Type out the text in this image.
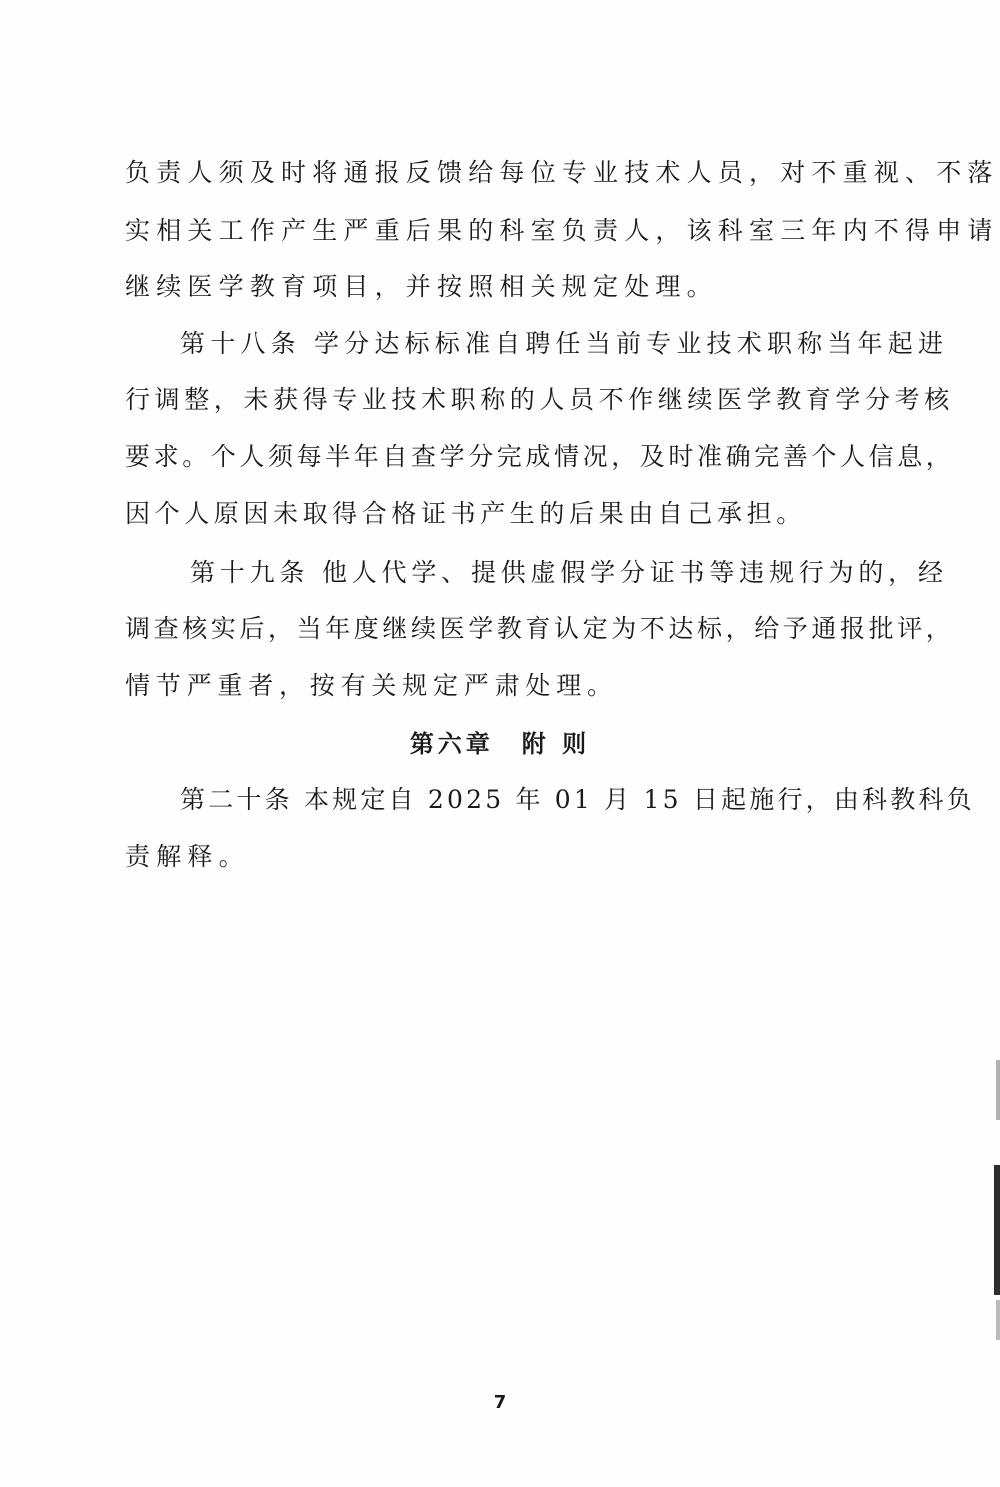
负责人须及时将通报反馈给每位专业技术人员，对不重视、不落

实相关工作产生严重后果的科室负责人，该科室三年内不得申请

继续医学教育项目，并按照相关规定处理。

第十八条 学分达标标准自聘任当前专业技术职称当年起进

行调整，未获得专业技术职称的人员不作继续医学教育学分考核

要求。个人须每半年自查学分完成情况，及时准确完善个人信息，

因个人原因未取得合格证书产生的后果由自己承担。

第十九条 他人代学、提供虚假学分证书等违规行为的，经

调查核实后，当年度继续医学教育认定为不达标，给予通报批评，

情节严重者，按有关规定严肃处理。

第六章　附 则

第二十条 本规定自 2025 年 01 月 15 日起施行，由科教科负

责解释。

7
